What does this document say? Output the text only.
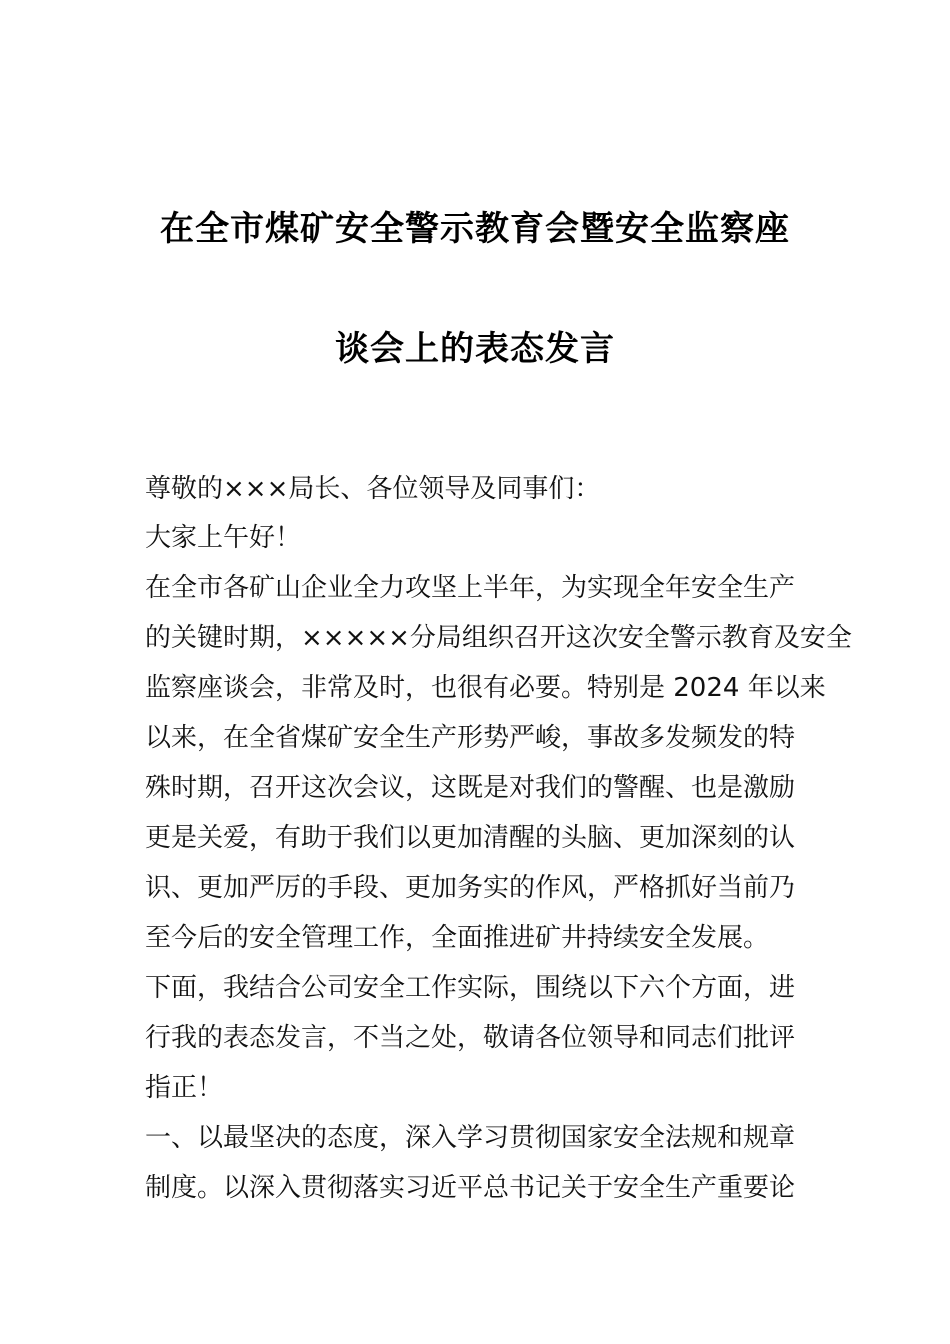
在全市煤矿安全警示教育会暨安全监察座
谈会上的表态发言
尊敬的×××局长、各位领导及同事们：
大家上午好！
在全市各矿山企业全力攻坚上半年，为实现全年安全生产
的关键时期，×××××分局组织召开这次安全警示教育及安全
监察座谈会，非常及时，也很有必要。特别是 2024 年以来
以来，在全省煤矿安全生产形势严峻，事故多发频发的特
殊时期，召开这次会议，这既是对我们的警醒、也是激励
更是关爱，有助于我们以更加清醒的头脑、更加深刻的认
识、更加严厉的手段、更加务实的作风，严格抓好当前乃
至今后的安全管理工作，全面推进矿井持续安全发展。
下面，我结合公司安全工作实际，围绕以下六个方面，进
行我的表态发言，不当之处，敬请各位领导和同志们批评
指正！
一、以最坚决的态度，深入学习贯彻国家安全法规和规章
制度。以深入贯彻落实习近平总书记关于安全生产重要论
